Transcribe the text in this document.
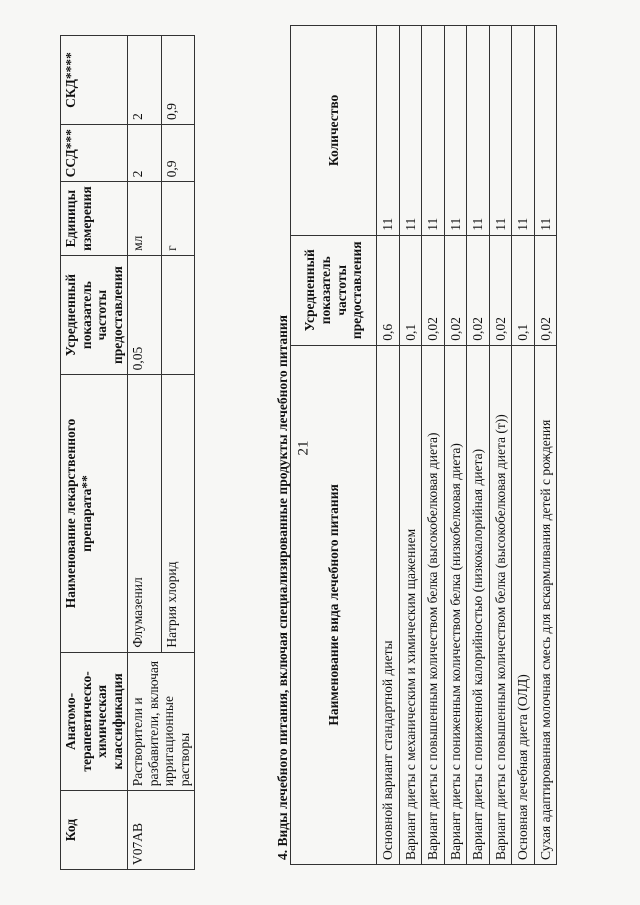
21
Код	Анатомо-терапевтическо-химическая классификация	Наименование лекарственного препарата**	Усредненный показатель частоты предоставления	Единицы измерения	ССД***	СКД****
V07AB	Растворители и разбавители, включая ирригационные растворы	Флумазенил	0,05	мл	2	2
		Натрия хлорид		г	0,9	0,9
4. Виды лечебного питания, включая специализированные продукты лечебного питания	Наименование вида лечебного питания	Усредненный показатель частоты предоставления	Количество
Основной вариант стандартной диеты	0,6	11
Вариант диеты с механическим и химическим щажением	0,1	11
Вариант диеты с повышенным количеством белка (высокобелковая диета)	0,02	11
Вариант диеты с пониженным количеством белка (низкобелковая диета)	0,02	11
Вариант диеты с пониженной калорийностью (низкокалорийная диета)	0,02	11
Вариант диеты с повышенным количеством белка (высокобелковая диета (т))	0,02	11
Основная лечебная диета (ОЛД)	0,1	11
Сухая адаптированная молочная смесь для вскармливания детей с рождения	0,02	11
